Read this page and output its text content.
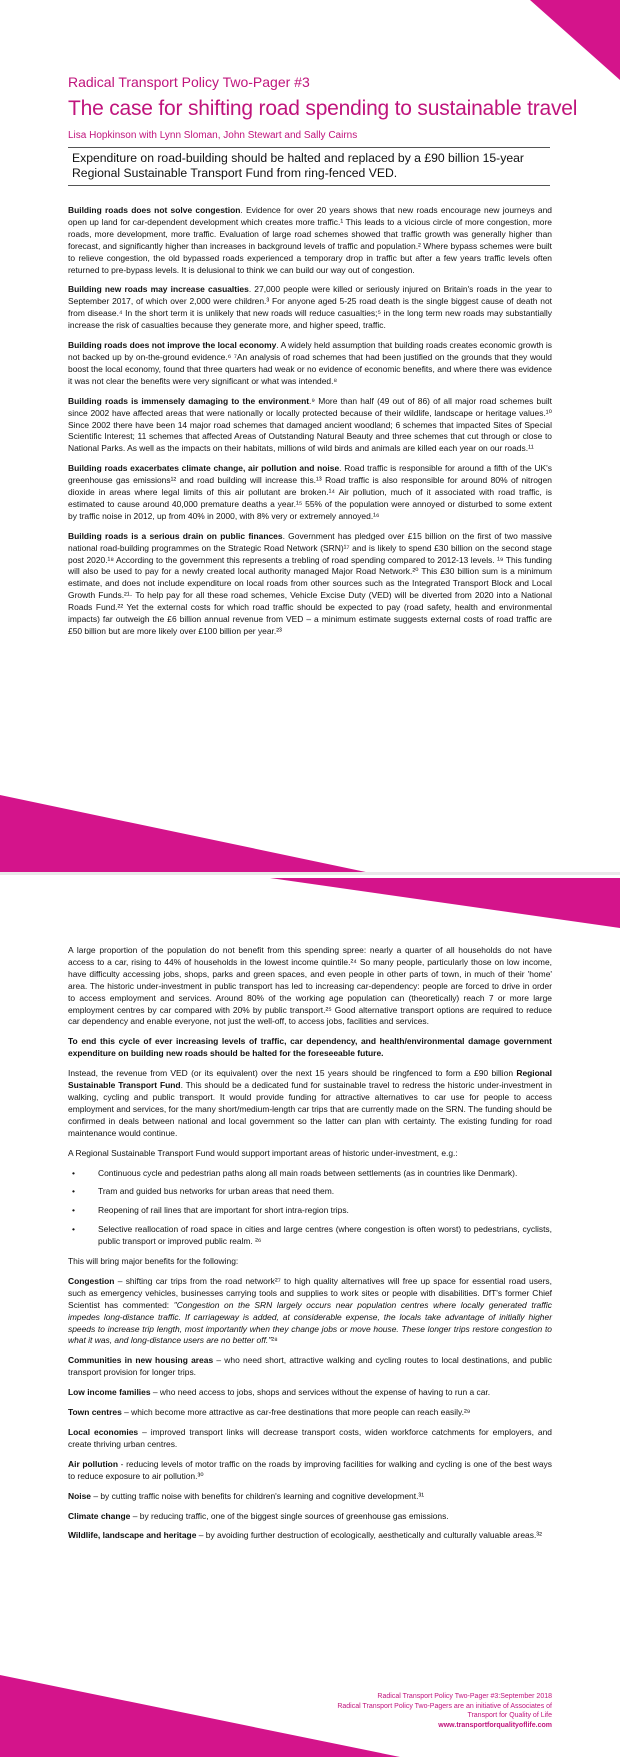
Radical Transport Policy Two-Pager #3
The case for shifting road spending to sustainable travel
Lisa Hopkinson with Lynn Sloman, John Stewart and Sally Cairns
Expenditure on road-building should be halted and replaced by a £90 billion 15-year Regional Sustainable Transport Fund from ring-fenced VED.

Building roads does not solve congestion. Evidence for over 20 years shows that new roads encourage new journeys and open up land for car-dependent development which creates more traffic.¹ This leads to a vicious circle of more congestion, more roads, more development, more traffic. Evaluation of large road schemes showed that traffic growth was generally higher than forecast, and significantly higher than increases in background levels of traffic and population.² Where bypass schemes were built to relieve congestion, the old bypassed roads experienced a temporary drop in traffic but after a few years traffic levels often returned to pre-bypass levels. It is delusional to think we can build our way out of congestion.

Building new roads may increase casualties. 27,000 people were killed or seriously injured on Britain's roads in the year to September 2017, of which over 2,000 were children.³ For anyone aged 5-25 road death is the single biggest cause of death not from disease.⁴ In the short term it is unlikely that new roads will reduce casualties;⁵ in the long term new roads may substantially increase the risk of casualties because they generate more, and higher speed, traffic.

Building roads does not improve the local economy. A widely held assumption that building roads creates economic growth is not backed up by on-the-ground evidence.⁶ ⁷An analysis of road schemes that had been justified on the grounds that they would boost the local economy, found that three quarters had weak or no evidence of economic benefits, and where there was evidence it was not clear the benefits were very significant or what was intended.⁸

Building roads is immensely damaging to the environment.⁹ More than half (49 out of 86) of all major road schemes built since 2002 have affected areas that were nationally or locally protected because of their wildlife, landscape or heritage values.¹⁰ Since 2002 there have been 14 major road schemes that damaged ancient woodland; 6 schemes that impacted Sites of Special Scientific Interest; 11 schemes that affected Areas of Outstanding Natural Beauty and three schemes that cut through or close to National Parks. As well as the impacts on their habitats, millions of wild birds and animals are killed each year on our roads.¹¹

Building roads exacerbates climate change, air pollution and noise. Road traffic is responsible for around a fifth of the UK's greenhouse gas emissions¹² and road building will increase this.¹³ Road traffic is also responsible for around 80% of nitrogen dioxide in areas where legal limits of this air pollutant are broken.¹⁴ Air pollution, much of it associated with road traffic, is estimated to cause around 40,000 premature deaths a year.¹⁵ 55% of the population were annoyed or disturbed to some extent by traffic noise in 2012, up from 40% in 2000, with 8% very or extremely annoyed.¹⁶

Building roads is a serious drain on public finances. Government has pledged over £15 billion on the first of two massive national road-building programmes on the Strategic Road Network (SRN)¹⁷ and is likely to spend £30 billion on the second stage post 2020.¹⁸ According to the government this represents a trebling of road spending compared to 2012-13 levels. ¹⁹ This funding will also be used to pay for a newly created local authority managed Major Road Network.²⁰ This £30 billion sum is a minimum estimate, and does not include expenditure on local roads from other sources such as the Integrated Transport Block and Local Growth Funds.²¹· To help pay for all these road schemes, Vehicle Excise Duty (VED) will be diverted from 2020 into a National Roads Fund.²² Yet the external costs for which road traffic should be expected to pay (road safety, health and environmental impacts) far outweigh the £6 billion annual revenue from VED – a minimum estimate suggests external costs of road traffic are £50 billion but are more likely over £100 billion per year.²³

A large proportion of the population do not benefit from this spending spree: nearly a quarter of all households do not have access to a car, rising to 44% of households in the lowest income quintile.²⁴ So many people, particularly those on low income, have difficulty accessing jobs, shops, parks and green spaces, and even people in other parts of town, in much of their 'home' area. The historic under-investment in public transport has led to increasing car-dependency: people are forced to drive in order to access employment and services. Around 80% of the working age population can (theoretically) reach 7 or more large employment centres by car compared with 20% by public transport.²⁵ Good alternative transport options are required to reduce car dependency and enable everyone, not just the well-off, to access jobs, facilities and services.

To end this cycle of ever increasing levels of traffic, car dependency, and health/environmental damage government expenditure on building new roads should be halted for the foreseeable future.

Instead, the revenue from VED (or its equivalent) over the next 15 years should be ringfenced to form a £90 billion Regional Sustainable Transport Fund. This should be a dedicated fund for sustainable travel to redress the historic under-investment in walking, cycling and public transport. It would provide funding for attractive alternatives to car use for people to access employment and services, for the many short/medium-length car trips that are currently made on the SRN. The funding should be confirmed in deals between national and local government so the latter can plan with certainty. The existing funding for road maintenance would continue.

A Regional Sustainable Transport Fund would support important areas of historic under-investment, e.g.:

•	Continuous cycle and pedestrian paths along all main roads between settlements (as in countries like Denmark).
•	Tram and guided bus networks for urban areas that need them.
•	Reopening of rail lines that are important for short intra-region trips.
•	Selective reallocation of road space in cities and large centres (where congestion is often worst) to pedestrians, cyclists, public transport or improved public realm. ²⁶

This will bring major benefits for the following:

Congestion – shifting car trips from the road network²⁷ to high quality alternatives will free up space for essential road users, such as emergency vehicles, businesses carrying tools and supplies to work sites or people with disabilities. DfT's former Chief Scientist has commented: "Congestion on the SRN largely occurs near population centres where locally generated traffic impedes long-distance traffic. If carriageway is added, at considerable expense, the locals take advantage of initially higher speeds to increase trip length, most importantly when they change jobs or move house. These longer trips restore congestion to what it was, and long-distance users are no better off."²⁸

Communities in new housing areas – who need short, attractive walking and cycling routes to local destinations, and public transport provision for longer trips.

Low income families – who need access to jobs, shops and services without the expense of having to run a car.

Town centres – which become more attractive as car-free destinations that more people can reach easily.²⁹

Local economies – improved transport links will decrease transport costs, widen workforce catchments for employers, and create thriving urban centres.

Air pollution - reducing levels of motor traffic on the roads by improving facilities for walking and cycling is one of the best ways to reduce exposure to air pollution.³⁰

Noise – by cutting traffic noise with benefits for children's learning and cognitive development.³¹

Climate change – by reducing traffic, one of the biggest single sources of greenhouse gas emissions.

Wildlife, landscape and heritage – by avoiding further destruction of ecologically, aesthetically and culturally valuable areas.³²

Radical Transport Policy Two-Pager #3:September 2018
Radical Transport Policy Two-Pagers are an initiative of Associates of
Transport for Quality of Life
www.transportforqualityoflife.com
